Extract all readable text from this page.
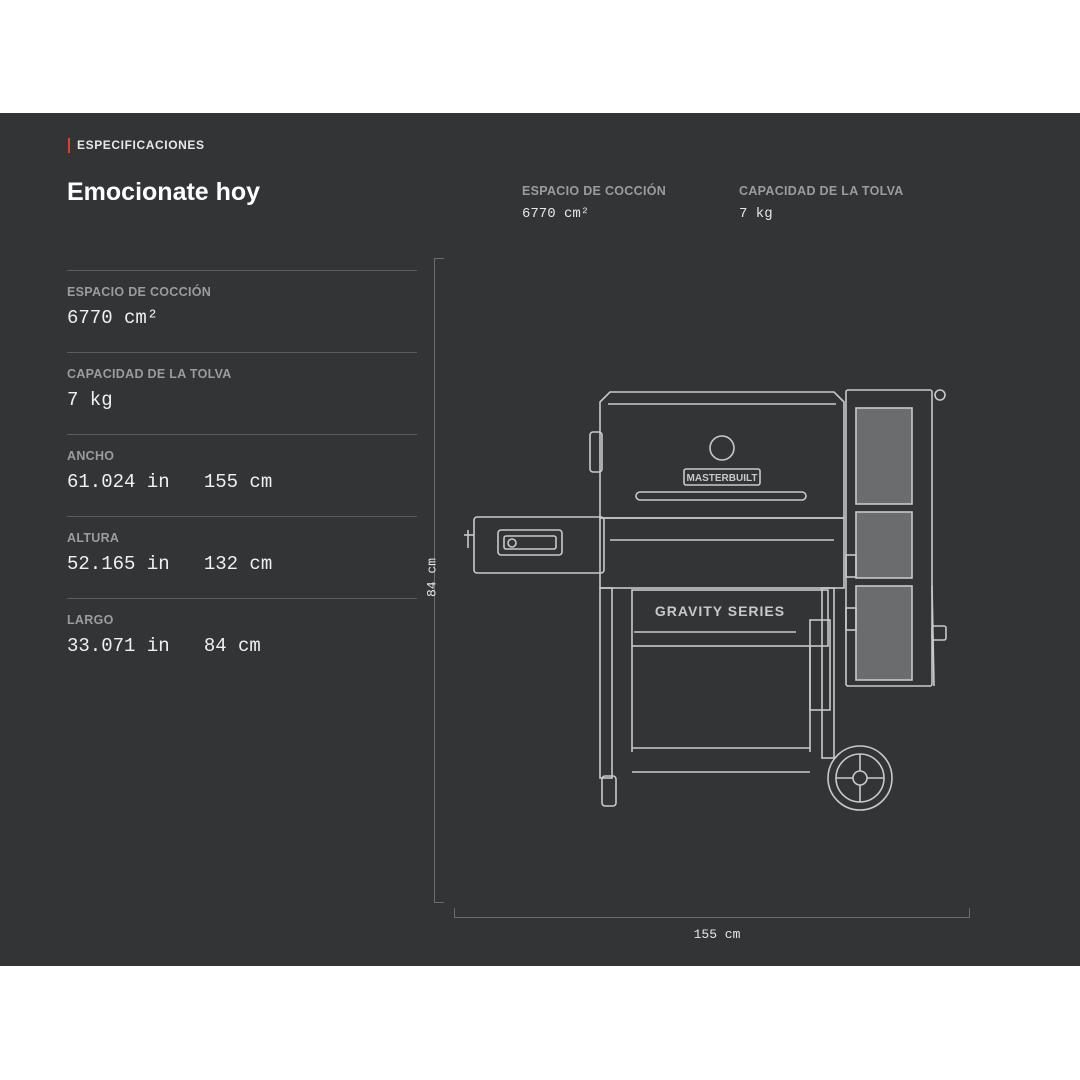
ESPECIFICACIONES
Emocionate hoy	ESPACIO DE COCCIÓN
6770 cm²
CAPACIDAD DE LA TOLVA
7 kg
ESPACIO DE COCCIÓN
6770 cm²
CAPACIDAD DE LA TOLVA
7 kg
ANCHO
61.024 in   155 cm
ALTURA
52.165 in   132 cm
LARGO
33.071 in   84 cm
84 cm
155 cm
MASTERBUILT
GRAVITY SERIES
